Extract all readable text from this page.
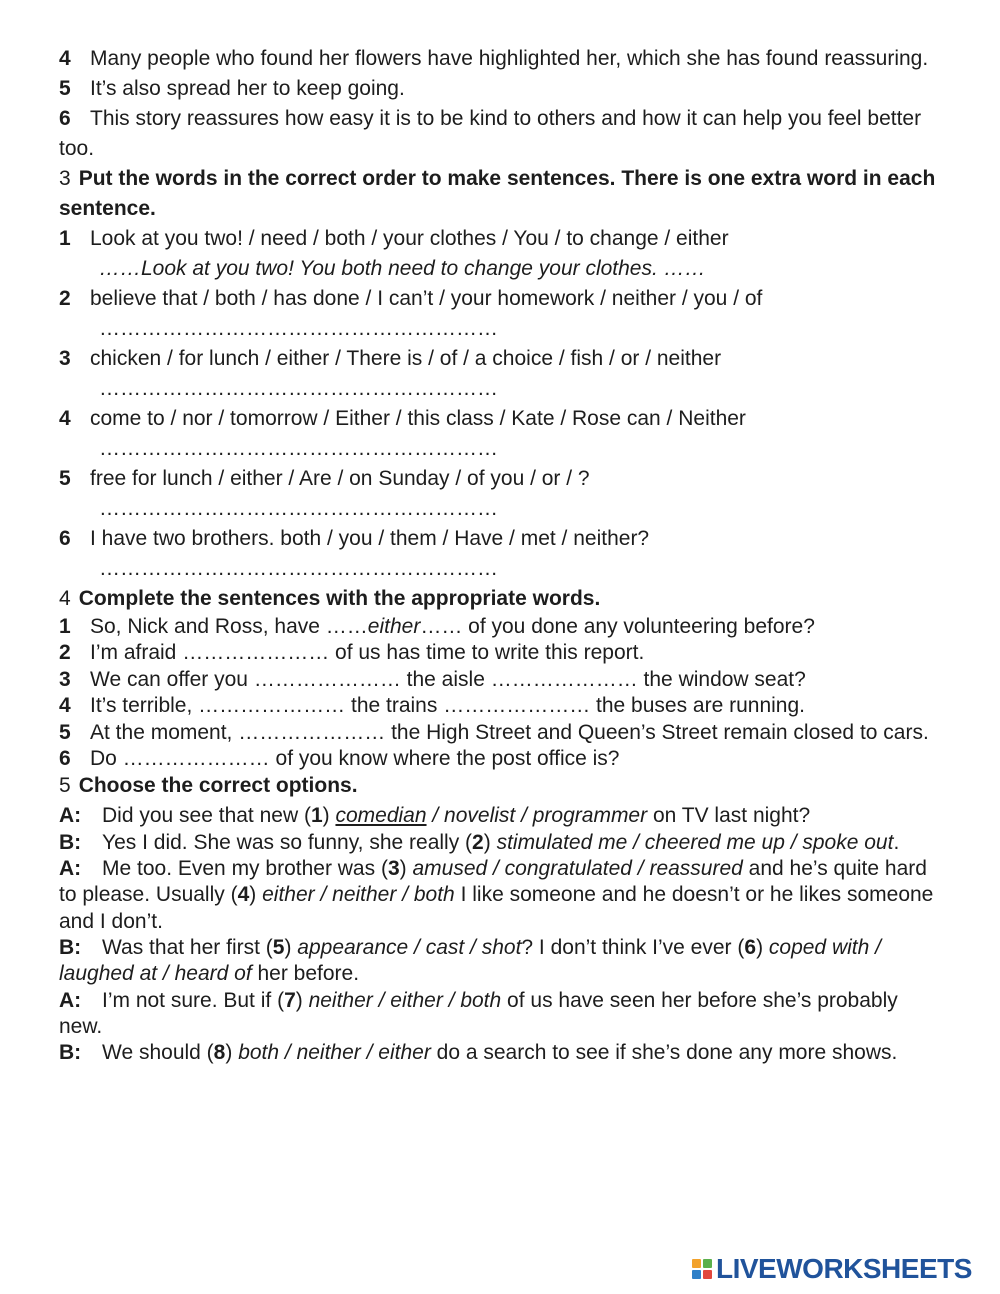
4 Many people who found her flowers have highlighted her, which she has found reassuring.
5 It’s also spread her to keep going.
6 This story reassures how easy it is to be kind to others and how it can help you feel better too.
3 Put the words in the correct order to make sentences. There is one extra word in each sentence.
1 Look at you two! / need / both / your clothes / You / to change / either
……Look at you two! You both need to change your clothes. ……
2 believe that / both / has done / I can’t / your homework / neither / you / of
…………………………………………………
3 chicken / for lunch / either / There is / of / a choice / fish / or / neither
…………………………………………………
4 come to / nor / tomorrow / Either / this class / Kate / Rose can / Neither
…………………………………………………
5 free for lunch / either / Are / on Sunday / of you / or / ?
…………………………………………………
6 I have two brothers. both / you / them / Have / met / neither?
…………………………………………………
4 Complete the sentences with the appropriate words.
1 So, Nick and Ross, have ……either…… of you done any volunteering before?
2 I’m afraid ………………… of us has time to write this report.
3 We can offer you ………………… the aisle ………………… the window seat?
4 It’s terrible, ………………… the trains ………………… the buses are running.
5 At the moment, ………………… the High Street and Queen’s Street remain closed to cars.
6 Do ………………… of you know where the post office is?
5 Choose the correct options.
A: Did you see that new (1) comedian / novelist / programmer on TV last night?
B: Yes I did. She was so funny, she really (2) stimulated me / cheered me up / spoke out.
A: Me too. Even my brother was (3) amused / congratulated / reassured and he’s quite hard to please. Usually (4) either / neither / both I like someone and he doesn’t or he likes someone and I don’t.
B: Was that her first (5) appearance / cast / shot? I don’t think I’ve ever (6) coped with / laughed at / heard of her before.
A: I’m not sure. But if (7) neither / either / both of us have seen her before she’s probably new.
B: We should (8) both / neither / either do a search to see if she’s done any more shows.
LIVEWORKSHEETS
